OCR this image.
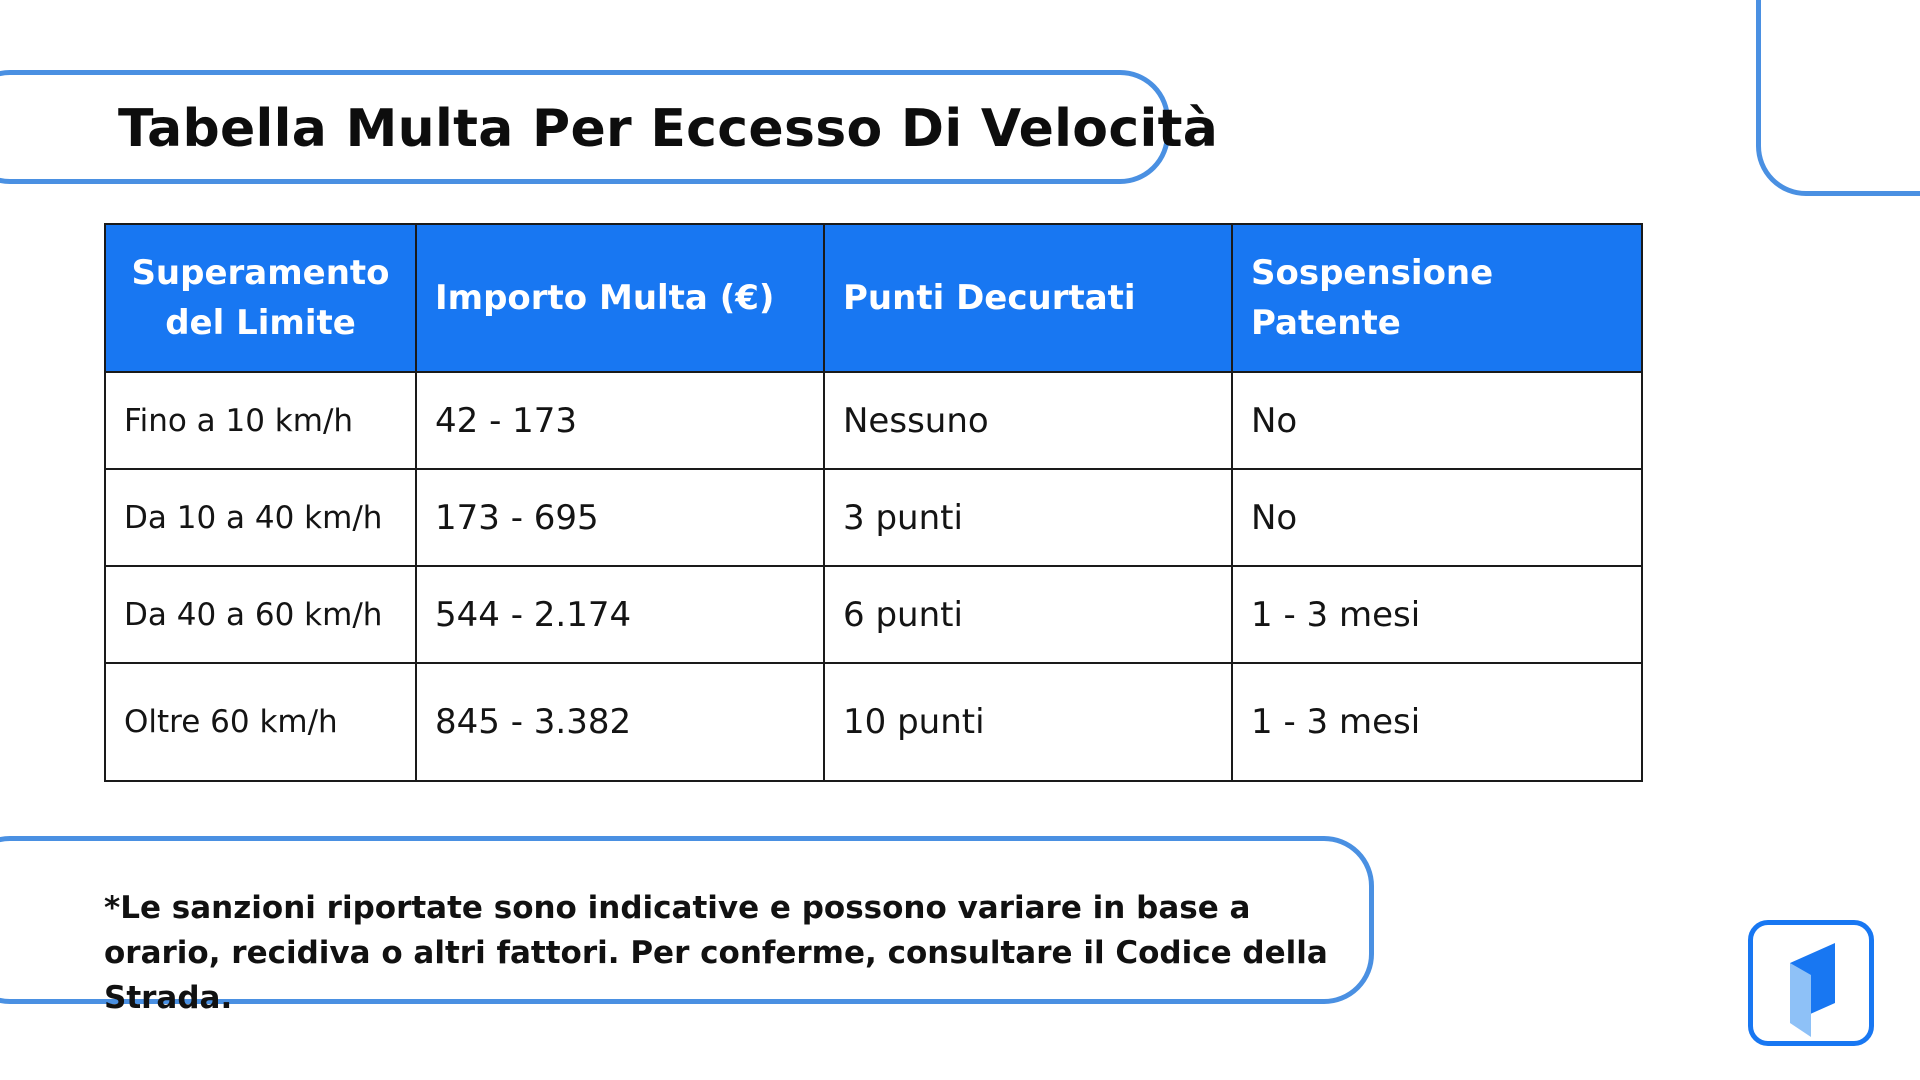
Tabella Multa Per Eccesso Di Velocità
Superamento del Limite	Importo Multa (€)	Punti Decurtati	Sospensione Patente
Fino a 10 km/h	42 - 173	Nessuno	No
Da 10 a 40 km/h	173 - 695	3 punti	No
Da 40 a 60 km/h	544 - 2.174	6 punti	1 - 3 mesi
Oltre 60 km/h	845 - 3.382	10 punti	1 - 3 mesi

*Le sanzioni riportate sono indicative e possono variare in base a orario, recidiva o altri fattori. Per conferme, consultare il Codice della Strada.
